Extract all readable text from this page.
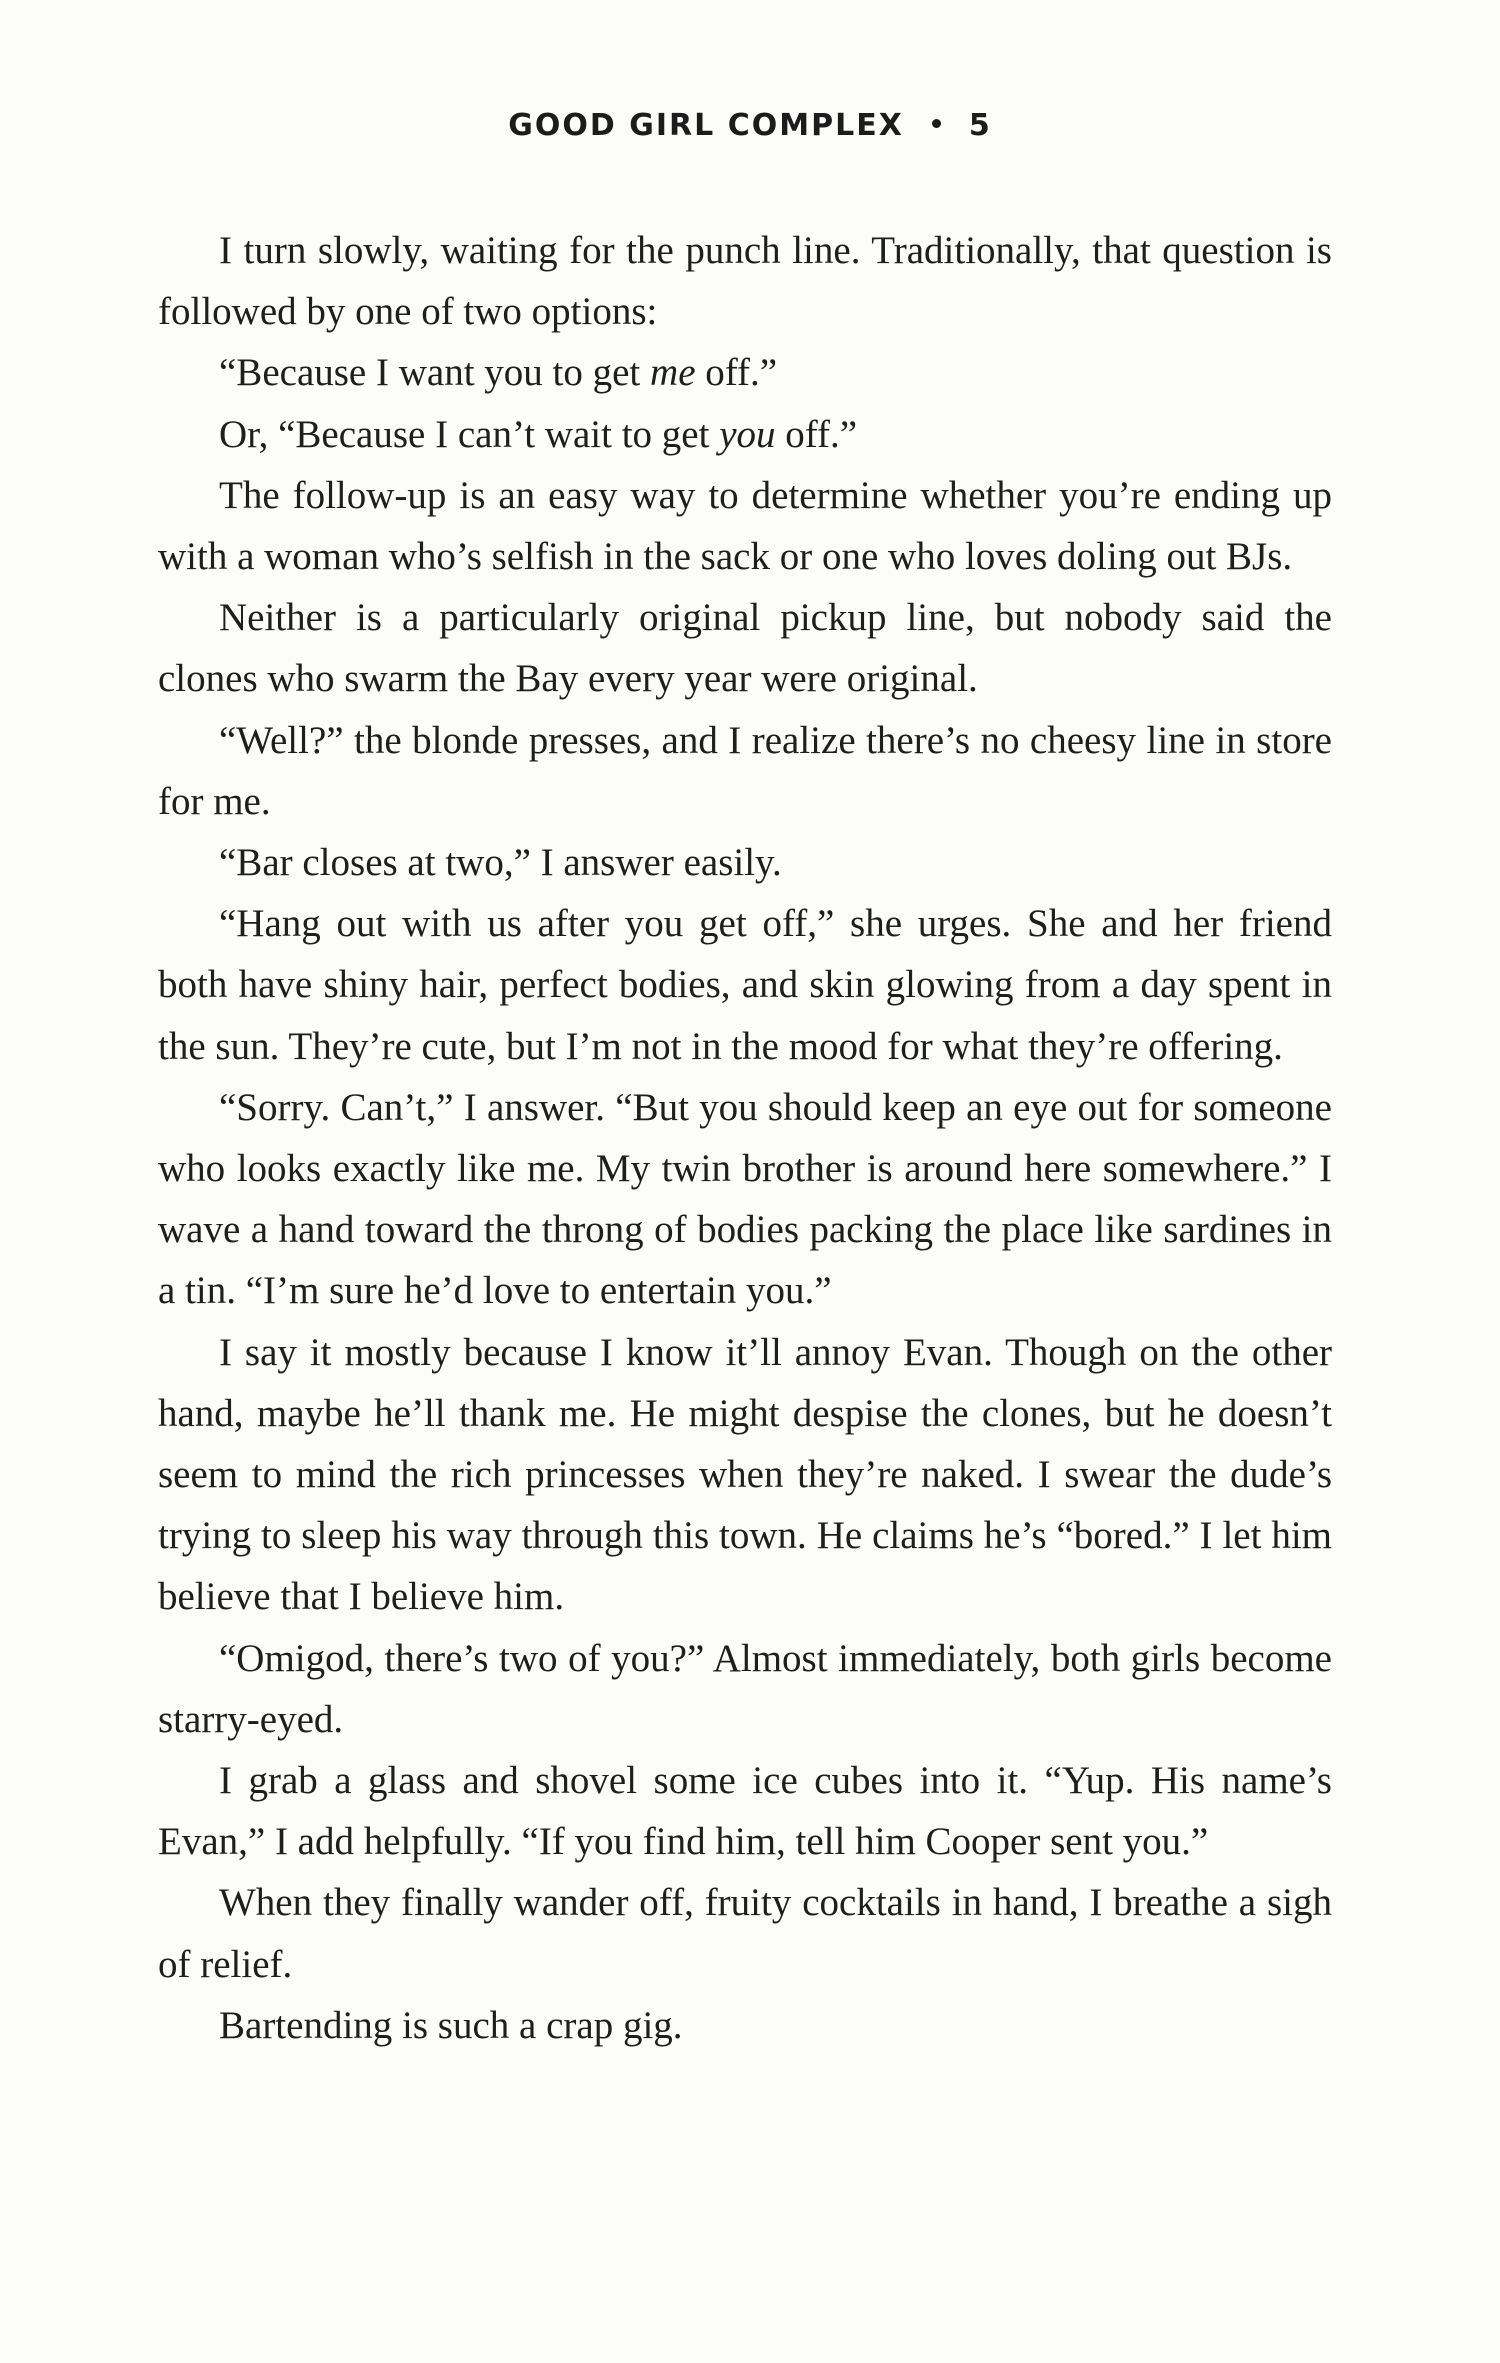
GOOD GIRL COMPLEX 5

I turn slowly, waiting for the punch line. Traditionally, that question is followed by one of two options:

“Because I want you to get me off.”

Or, “Because I can’t wait to get you off.”

The follow-up is an easy way to determine whether you’re ending up with a woman who’s selfish in the sack or one who loves doling out BJs.

Neither is a particularly original pickup line, but nobody said the clones who swarm the Bay every year were original.

“Well?” the blonde presses, and I realize there’s no cheesy line in store for me.

“Bar closes at two,” I answer easily.

“Hang out with us after you get off,” she urges. She and her friend both have shiny hair, perfect bodies, and skin glowing from a day spent in the sun. They’re cute, but I’m not in the mood for what they’re offering.

“Sorry. Can’t,” I answer. “But you should keep an eye out for someone who looks exactly like me. My twin brother is around here somewhere.” I wave a hand toward the throng of bodies packing the place like sardines in a tin. “I’m sure he’d love to entertain you.”

I say it mostly because I know it’ll annoy Evan. Though on the other hand, maybe he’ll thank me. He might despise the clones, but he doesn’t seem to mind the rich princesses when they’re naked. I swear the dude’s trying to sleep his way through this town. He claims he’s “bored.” I let him believe that I believe him.

“Omigod, there’s two of you?” Almost immediately, both girls become starry-eyed.

I grab a glass and shovel some ice cubes into it. “Yup. His name’s Evan,” I add helpfully. “If you find him, tell him Cooper sent you.”

When they finally wander off, fruity cocktails in hand, I breathe a sigh of relief.

Bartending is such a crap gig.
